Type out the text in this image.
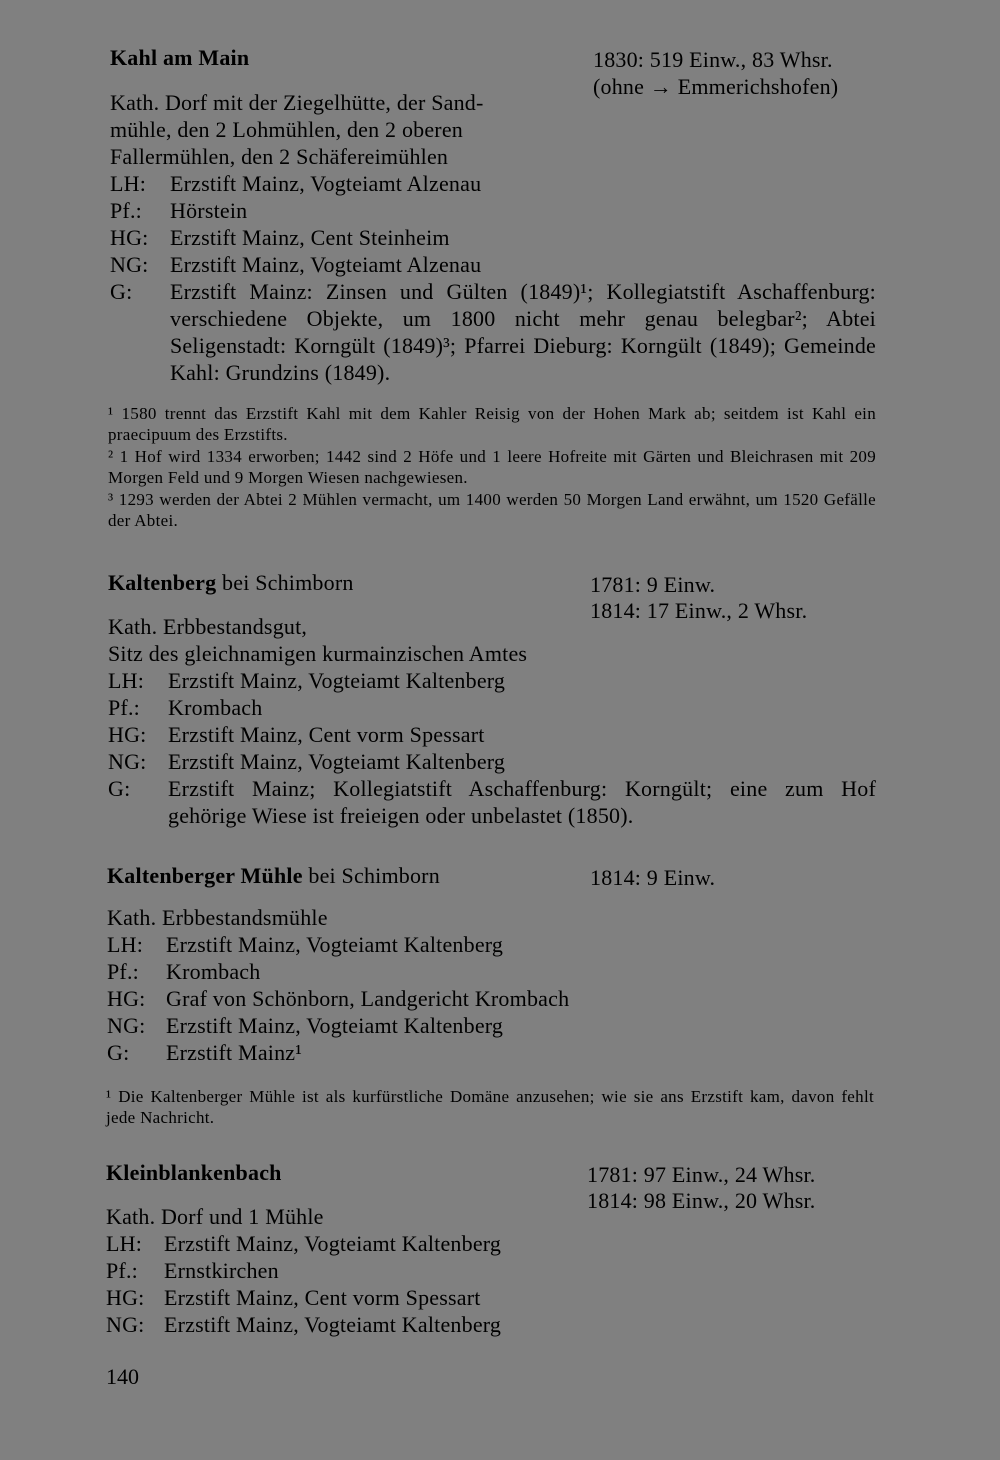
Kahl am Main	1830: 519 Einw., 83 Whsr.
(ohne → Emmerichshofen)
Kath. Dorf mit der Ziegelhütte, der Sand-
mühle, den 2 Lohmühlen, den 2 oberen
Fallermühlen, den 2 Schäfereimühlen
LH: Erzstift Mainz, Vogteiamt Alzenau
Pf.: Hörstein
HG: Erzstift Mainz, Cent Steinheim
NG: Erzstift Mainz, Vogteiamt Alzenau
G: Erzstift Mainz: Zinsen und Gülten (1849)¹; Kollegiatstift Aschaffenburg: verschiedene Objekte, um 1800 nicht mehr genau belegbar²; Abtei Seligenstadt: Korngült (1849)³; Pfarrei Dieburg: Korngült (1849); Gemeinde Kahl: Grundzins (1849).
¹ 1580 trennt das Erzstift Kahl mit dem Kahler Reisig von der Hohen Mark ab; seitdem ist Kahl ein praecipuum des Erzstifts.
² 1 Hof wird 1334 erworben; 1442 sind 2 Höfe und 1 leere Hofreite mit Gärten und Bleichrasen mit 209 Morgen Feld und 9 Morgen Wiesen nachgewiesen.
³ 1293 werden der Abtei 2 Mühlen vermacht, um 1400 werden 50 Morgen Land erwähnt, um 1520 Gefälle der Abtei.
Kaltenberg bei Schimborn	1781: 9 Einw.
1814: 17 Einw., 2 Whsr.
Kath. Erbbestandsgut,
Sitz des gleichnamigen kurmainzischen Amtes
LH: Erzstift Mainz, Vogteiamt Kaltenberg
Pf.: Krombach
HG: Erzstift Mainz, Cent vorm Spessart
NG: Erzstift Mainz, Vogteiamt Kaltenberg
G: Erzstift Mainz; Kollegiatstift Aschaffenburg: Korngült; eine zum Hof gehörige Wiese ist freieigen oder unbelastet (1850).
Kaltenberger Mühle bei Schimborn	1814: 9 Einw.
Kath. Erbbestandsmühle
LH: Erzstift Mainz, Vogteiamt Kaltenberg
Pf.: Krombach
HG: Graf von Schönborn, Landgericht Krombach
NG: Erzstift Mainz, Vogteiamt Kaltenberg
G: Erzstift Mainz¹
¹ Die Kaltenberger Mühle ist als kurfürstliche Domäne anzusehen; wie sie ans Erzstift kam, davon fehlt jede Nachricht.
Kleinblankenbach	1781: 97 Einw., 24 Whsr.
1814: 98 Einw., 20 Whsr.
Kath. Dorf und 1 Mühle
LH: Erzstift Mainz, Vogteiamt Kaltenberg
Pf.: Ernstkirchen
HG: Erzstift Mainz, Cent vorm Spessart
NG: Erzstift Mainz, Vogteiamt Kaltenberg
140
